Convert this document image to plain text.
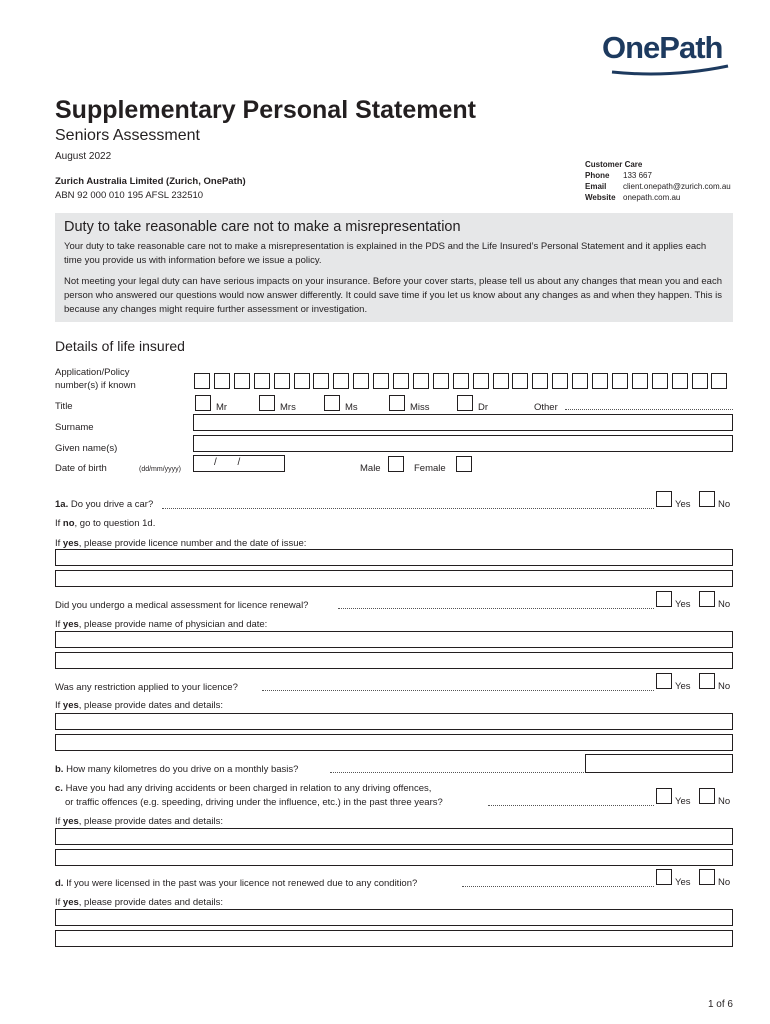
OnePath
Supplementary Personal Statement
Seniors Assessment
August 2022
Zurich Australia Limited (Zurich, OnePath)
ABN 92 000 010 195 AFSL 232510
Customer Care
Phone 133 667
Email client.onepath@zurich.com.au
Website onepath.com.au
Duty to take reasonable care not to make a misrepresentation

Your duty to take reasonable care not to make a misrepresentation is explained in the PDS and the Life Insured’s Personal Statement and it applies each time you provide us with information before we issue a policy.

Not meeting your legal duty can have serious impacts on your insurance. Before your cover starts, please tell us about any changes that mean you and each person who answered our questions would now answer differently. It could save time if you let us know about any changes as and when they happen. This is because any changes might require further assessment or investigation.

Details of life insured
Application/Policy
number(s) if known
Title	Mr	Mrs	Ms	Miss	Dr	Other
Surname
Given name(s)
Date of birth	(dd/mm/yyyy)
/ /
Male	Female
1a. Do you drive a car?	Yes	No
If no, go to question 1d.
If yes, please provide licence number and the date of issue:
Did you undergo a medical assessment for licence renewal?	Yes	No
If yes, please provide name of physician and date:
Was any restriction applied to your licence?	Yes	No
If yes, please provide dates and details:
b. How many kilometres do you drive on a monthly basis?
c. Have you had any driving accidents or been charged in relation to any driving offences,
or traffic offences (e.g. speeding, driving under the influence, etc.) in the past three years?	Yes	No
If yes, please provide dates and details:
d. If you were licensed in the past was your licence not renewed due to any condition?	Yes	No
If yes, please provide dates and details:
1 of 6
